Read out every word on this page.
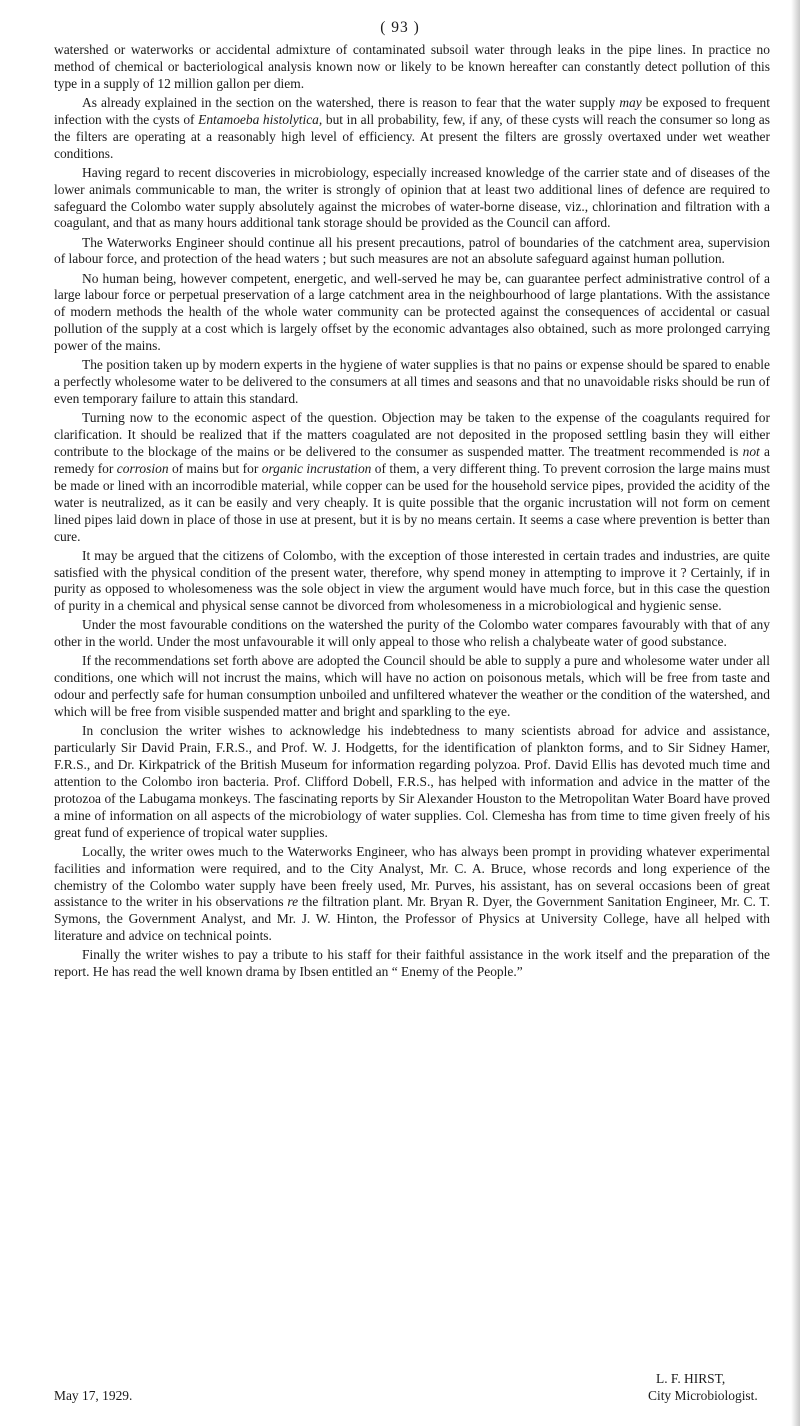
( 93 )

watershed or waterworks or accidental admixture of contaminated subsoil water through leaks in the pipe lines. In practice no method of chemical or bacteriological analysis known now or likely to be known hereafter can constantly detect pollution of this type in a supply of 12 million gallon per diem.

As already explained in the section on the watershed, there is reason to fear that the water supply may be exposed to frequent infection with the cysts of Entamoeba histolytica, but in all probability, few, if any, of these cysts will reach the consumer so long as the filters are operating at a reasonably high level of efficiency. At present the filters are grossly overtaxed under wet weather conditions.

Having regard to recent discoveries in microbiology, especially increased knowledge of the carrier state and of diseases of the lower animals communicable to man, the writer is strongly of opinion that at least two additional lines of defence are required to safeguard the Colombo water supply absolutely against the microbes of water-borne disease, viz., chlorination and filtration with a coagulant, and that as many hours additional tank storage should be provided as the Council can afford.

The Waterworks Engineer should continue all his present precautions, patrol of boundaries of the catchment area, supervision of labour force, and protection of the head waters ; but such measures are not an absolute safeguard against human pollution.

No human being, however competent, energetic, and well-served he may be, can guarantee perfect administrative control of a large labour force or perpetual preservation of a large catchment area in the neighbourhood of large plantations. With the assistance of modern methods the health of the whole water community can be protected against the consequences of accidental or casual pollution of the supply at a cost which is largely offset by the economic advantages also obtained, such as more prolonged carrying power of the mains.

The position taken up by modern experts in the hygiene of water supplies is that no pains or expense should be spared to enable a perfectly wholesome water to be delivered to the consumers at all times and seasons and that no unavoidable risks should be run of even temporary failure to attain this standard.

Turning now to the economic aspect of the question. Objection may be taken to the expense of the coagulants required for clarification. It should be realized that if the matters coagulated are not deposited in the proposed settling basin they will either contribute to the blockage of the mains or be delivered to the consumer as suspended matter. The treatment recommended is not a remedy for corrosion of mains but for organic incrustation of them, a very different thing. To prevent corrosion the large mains must be made or lined with an incorrodible material, while copper can be used for the household service pipes, provided the acidity of the water is neutralized, as it can be easily and very cheaply. It is quite possible that the organic incrustation will not form on cement lined pipes laid down in place of those in use at present, but it is by no means certain. It seems a case where prevention is better than cure.

It may be argued that the citizens of Colombo, with the exception of those interested in certain trades and industries, are quite satisfied with the physical condition of the present water, therefore, why spend money in attempting to improve it ? Certainly, if in purity as opposed to wholesomeness was the sole object in view the argument would have much force, but in this case the question of purity in a chemical and physical sense cannot be divorced from wholesomeness in a microbiological and hygienic sense.

Under the most favourable conditions on the watershed the purity of the Colombo water compares favourably with that of any other in the world. Under the most unfavourable it will only appeal to those who relish a chalybeate water of good substance.

If the recommendations set forth above are adopted the Council should be able to supply a pure and wholesome water under all conditions, one which will not incrust the mains, which will have no action on poisonous metals, which will be free from taste and odour and perfectly safe for human consumption unboiled and unfiltered whatever the weather or the condition of the watershed, and which will be free from visible suspended matter and bright and sparkling to the eye.

In conclusion the writer wishes to acknowledge his indebtedness to many scientists abroad for advice and assistance, particularly Sir David Prain, F.R.S., and Prof. W. J. Hodgetts, for the identification of plankton forms, and to Sir Sidney Hamer, F.R.S., and Dr. Kirkpatrick of the British Museum for information regarding polyzoa. Prof. David Ellis has devoted much time and attention to the Colombo iron bacteria. Prof. Clifford Dobell, F.R.S., has helped with information and advice in the matter of the protozoa of the Labugama monkeys. The fascinating reports by Sir Alexander Houston to the Metropolitan Water Board have proved a mine of information on all aspects of the microbiology of water supplies. Col. Clemesha has from time to time given freely of his great fund of experience of tropical water supplies.

Locally, the writer owes much to the Waterworks Engineer, who has always been prompt in providing whatever experimental facilities and information were required, and to the City Analyst, Mr. C. A. Bruce, whose records and long experience of the chemistry of the Colombo water supply have been freely used, Mr. Purves, his assistant, has on several occasions been of great assistance to the writer in his observations re the filtration plant. Mr. Bryan R. Dyer, the Government Sanitation Engineer, Mr. C. T. Symons, the Government Analyst, and Mr. J. W. Hinton, the Professor of Physics at University College, have all helped with literature and advice on technical points.

Finally the writer wishes to pay a tribute to his staff for their faithful assistance in the work itself and the preparation of the report. He has read the well known drama by Ibsen entitled an “ Enemy of the People.”

May 17, 1929.
L. F. HIRST,
City Microbiologist.
